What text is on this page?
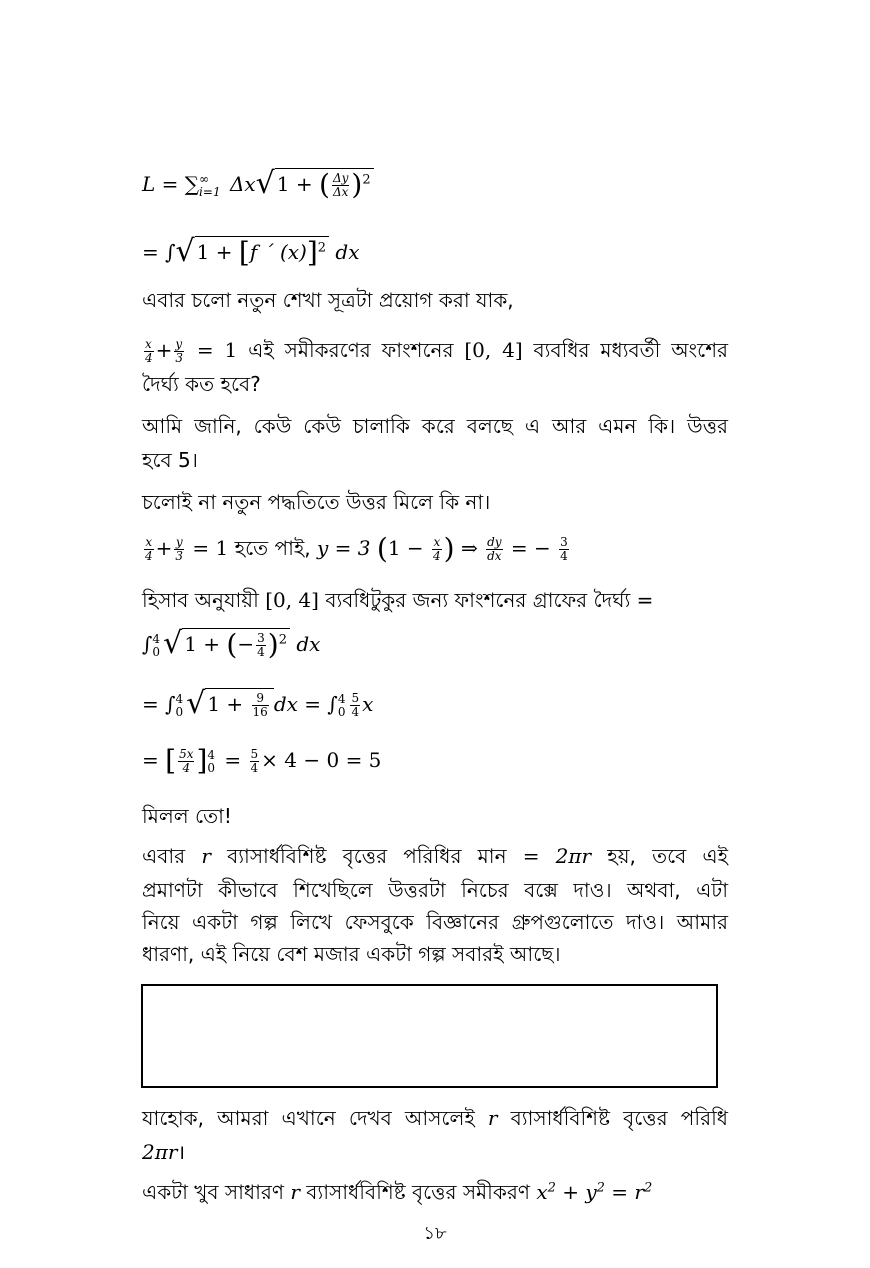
L = ∑ ∞
i=1 Δx√ 1 + ( $\frac{\Delta y}{\Delta x} )^2$
= ∫√ 1 + [f ´ (x)]$^2$ dx
এবার চলো নতুন শেখা সূত্রটা প্রয়োগ করা যাক,
$\frac{x}{4} + \frac{y}{3} = 1$ এই সমীকরণের ফাংশনের [0, 4] ব্যবধির মধ্যবর্তী অংশের
দৈর্ঘ্য কত হবে?
আমি জানি, কেউ কেউ চালাকি করে বলছে এ আর এমন কি। উত্তর
হবে 5।
চলোই না নতুন পদ্ধতিতে উত্তর মিলে কি না।
$\frac{x}{4} + \frac{y}{3} = 1$ হতে পাই, y = 3 ($1 - \frac{x}{4}$ ) ⇒ $\frac{dy}{dx}$ = − $\frac{3}{4}$
হিসাব অনুযায়ী [0, 4] ব্যবধিটুকুর জন্য ফাংশনের গ্রাফের দৈর্ঘ্য =
∫ 4
0 √ 1 + (− $\frac{3}{4} )^2$ dx
= ∫ 4
0 √ $1 + \frac{9}{16}$ dx = ∫ 4
$0 \frac{5}{4}$ x
= [ $\frac{5x}{4}$ ] 4
$0 = \frac{5}{4} \times 4 - 0 = 5$
মিলল তো!
এবার r ব্যাসার্ধবিশিষ্ট বৃত্তের পরিধির মান = 2πr হয়, তবে এই
প্রমাণটা কীভাবে শিখেছিলে উত্তরটা নিচের বক্সে দাও। অথবা, এটা
নিয়ে একটা গল্প লিখে ফেসবুকে বিজ্ঞানের গ্রুপগুলোতে দাও। আমার
ধারণা, এই নিয়ে বেশ মজার একটা গল্প সবারই আছে।
যাহোক, আমরা এখানে দেখব আসলেই r ব্যাসার্ধবিশিষ্ট বৃত্তের পরিধি
2πr।
একটা খুব সাধারণ r ব্যাসার্ধবিশিষ্ট বৃত্তের সমীকরণ $x^2 + y^2 = r^2$
১৮
